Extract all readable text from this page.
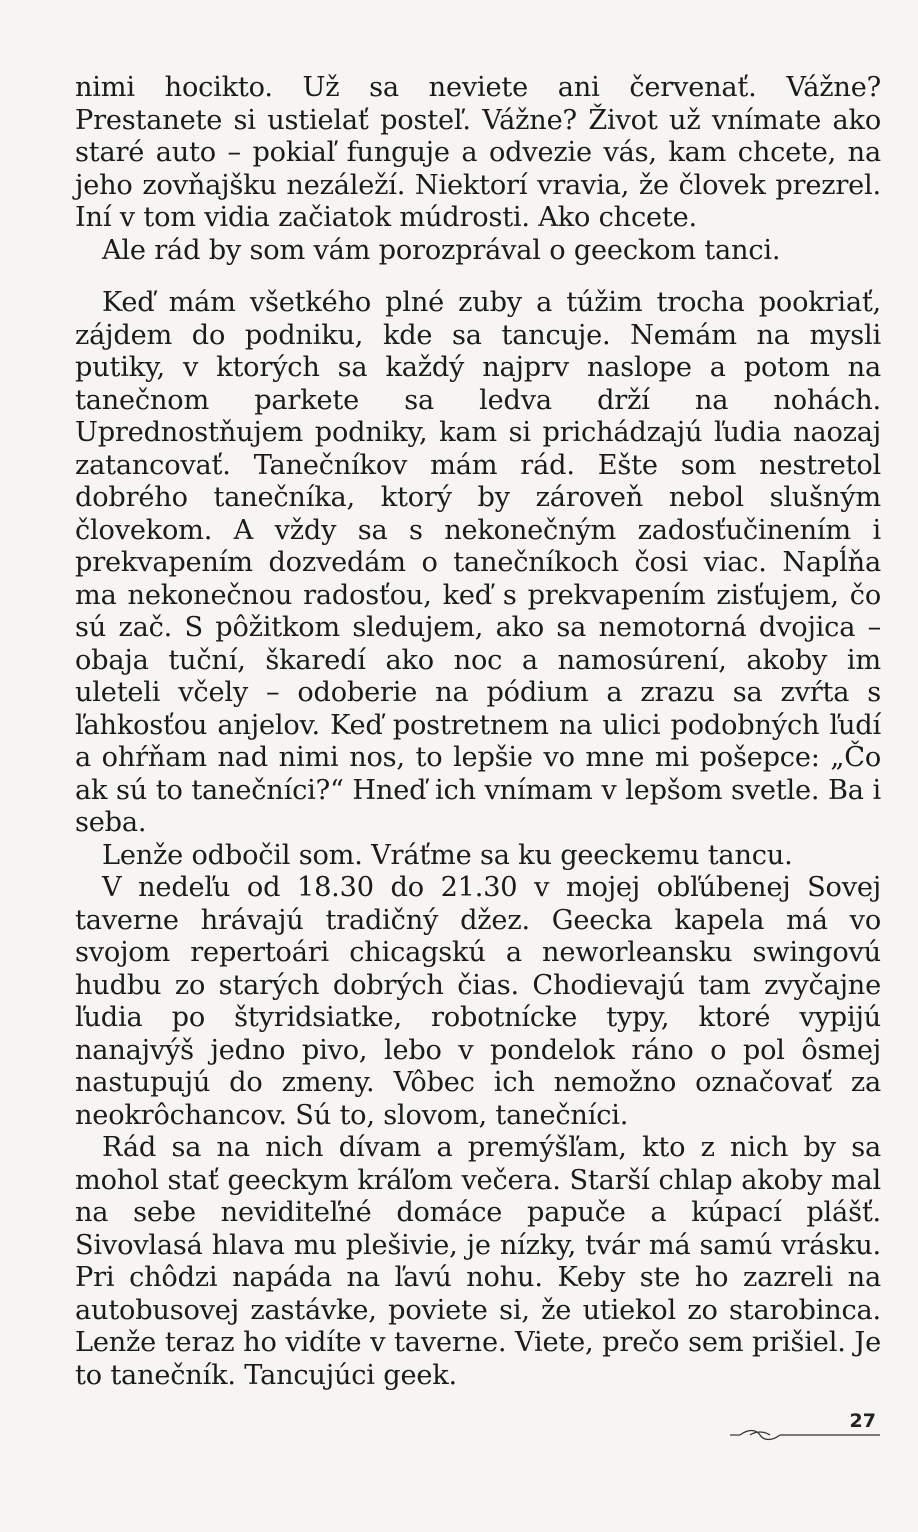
nimi hocikto. Už sa neviete ani červenať. Vážne? Prestanete si ustielať posteľ. Vážne? Život už vnímate ako staré auto – pokiaľ funguje a odvezie vás, kam chcete, na jeho zovňajšku nezáleží. Niektorí vravia, že človek prezrel. Iní v tom vidia začiatok múdrosti. Ako chcete.

Ale rád by som vám porozprával o geeckom tanci.

Keď mám všetkého plné zuby a túžim trocha pookriať, zájdem do podniku, kde sa tancuje. Nemám na mysli putiky, v ktorých sa každý najprv naslope a potom na tanečnom parkete sa ledva drží na nohách. Uprednostňujem podniky, kam si prichádzajú ľudia naozaj zatancovať. Tanečníkov mám rád. Ešte som nestretol dobrého tanečníka, ktorý by zároveň nebol slušným človekom. A vždy sa s nekonečným zadosťučinením i prekvapením dozvedám o tanečníkoch čosi viac. Napĺňa ma nekonečnou radosťou, keď s prekvapením zisťujem, čo sú zač. S pôžitkom sledujem, ako sa nemotorná dvojica – obaja tuční, škaredí ako noc a namosúrení, akoby im uleteli včely – odoberie na pódium a zrazu sa zvŕta s ľahkosťou anjelov. Keď postretnem na ulici podobných ľudí a ohŕňam nad nimi nos, to lepšie vo mne mi pošepce: „Čo ak sú to tanečníci?“ Hneď ich vnímam v lepšom svetle. Ba i seba.

Lenže odbočil som. Vráťme sa ku geeckemu tancu.

V nedeľu od 18.30 do 21.30 v mojej obľúbenej Sovej taverne hrávajú tradičný džez. Geecka kapela má vo svojom repertoári chicagskú a neworleansku swingovú hudbu zo starých dobrých čias. Chodievajú tam zvyčajne ľudia po štyridsiatke, robotnícke typy, ktoré vypijú nanajvýš jedno pivo, lebo v pondelok ráno o pol ôsmej nastupujú do zmeny. Vôbec ich nemožno označovať za neokrôchancov. Sú to, slovom, tanečníci.

Rád sa na nich dívam a premýšľam, kto z nich by sa mohol stať geeckym kráľom večera. Starší chlap akoby mal na sebe neviditeľné domáce papuče a kúpací plášť. Sivovlasá hlava mu plešivie, je nízky, tvár má samú vrásku. Pri chôdzi napáda na ľavú nohu. Keby ste ho zazreli na autobusovej zastávke, poviete si, že utiekol zo starobinca. Lenže teraz ho vidíte v taverne. Viete, prečo sem prišiel. Je to tanečník. Tancujúci geek.

27
